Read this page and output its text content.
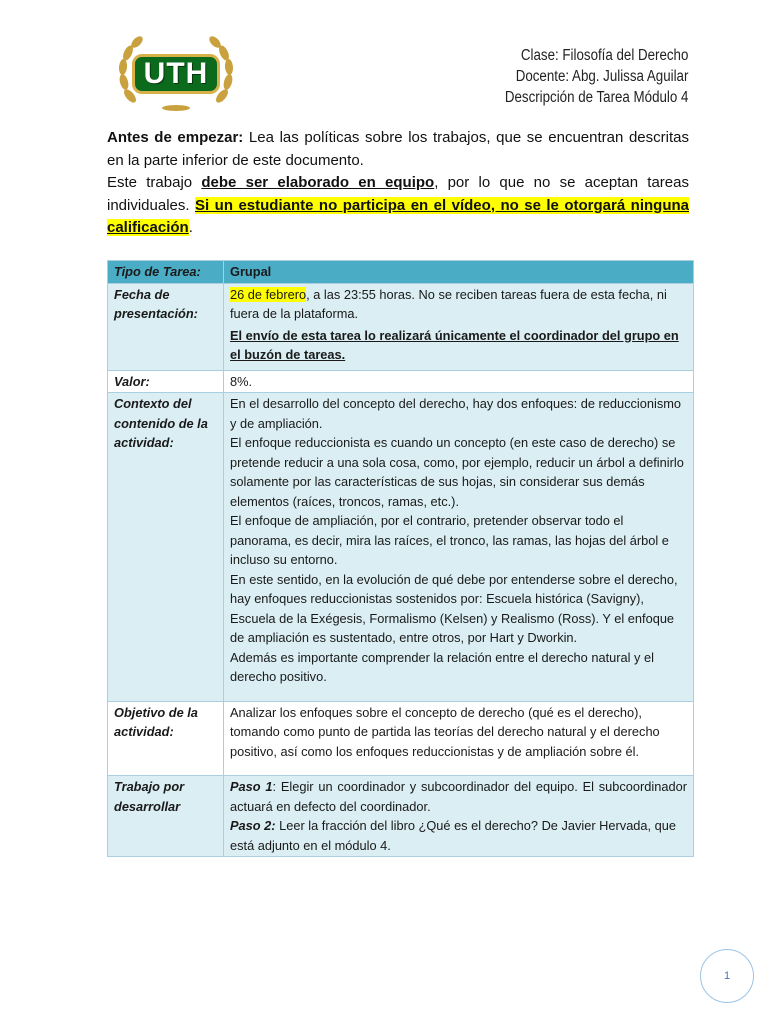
UTH
Clase: Filosofía del Derecho
Docente: Abg. Julissa Aguilar
Descripción de Tarea Módulo 4

Antes de empezar: Lea las políticas sobre los trabajos, que se encuentran descritas en la parte inferior de este documento.

Este trabajo debe ser elaborado en equipo, por lo que no se aceptan tareas individuales. Si un estudiante no participa en el vídeo, no se le otorgará ninguna calificación.

Tipo de Tarea:	Grupal
Fecha de presentación:	26 de febrero, a las 23:55 horas. No se reciben tareas fuera de esta fecha, ni fuera de la plataforma.

El envío de esta tarea lo realizará únicamente el coordinador del grupo en el buzón de tareas.

Valor:	8%.
Contexto del contenido de la actividad:	En el desarrollo del concepto del derecho, hay dos enfoques: de reduccionismo y de ampliación.

El enfoque reduccionista es cuando un concepto (en este caso de derecho) se pretende reducir a una sola cosa, como, por ejemplo, reducir un árbol a definirlo solamente por las características de sus hojas, sin considerar sus demás elementos (raíces, troncos, ramas, etc.).

El enfoque de ampliación, por el contrario, pretender observar todo el panorama, es decir, mira las raíces, el tronco, las ramas, las hojas del árbol e incluso su entorno.

En este sentido, en la evolución de qué debe por entenderse sobre el derecho, hay enfoques reduccionistas sostenidos por: Escuela histórica (Savigny), Escuela de la Exégesis, Formalismo (Kelsen) y Realismo (Ross). Y el enfoque de ampliación es sustentado, entre otros, por Hart y Dworkin.

Además es importante comprender la relación entre el derecho natural y el derecho positivo.

Objetivo de la actividad:	Analizar los enfoques sobre el concepto de derecho (qué es el derecho), tomando como punto de partida las teorías del derecho natural y el derecho positivo, así como los enfoques reduccionistas y de ampliación sobre él.
Trabajo por desarrollar	Paso 1: Elegir un coordinador y subcoordinador del equipo. El subcoordinador actuará en defecto del coordinador.

Paso 2: Leer la fracción del libro ¿Qué es el derecho? De Javier Hervada, que está adjunto en el módulo 4.

1
